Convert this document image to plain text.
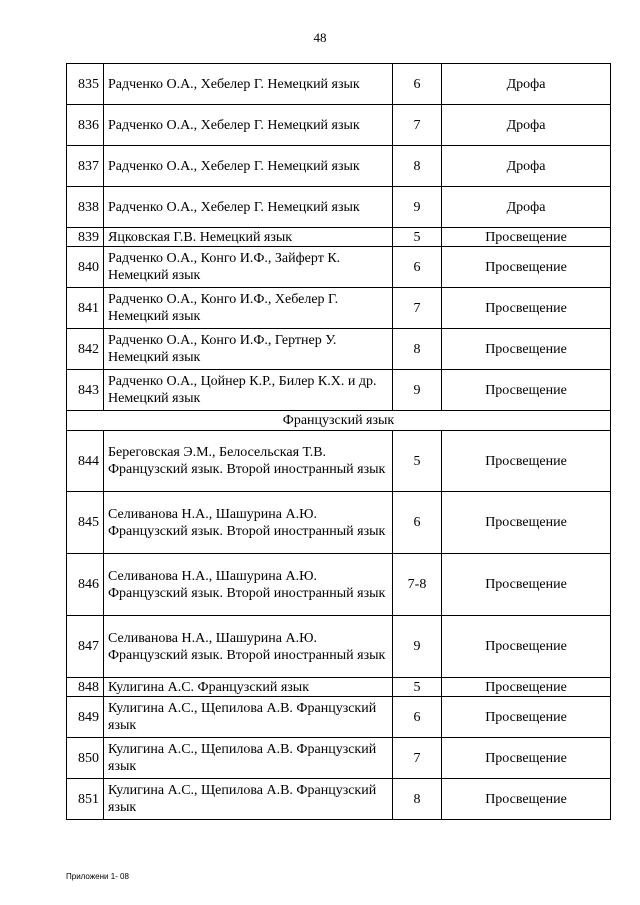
48
835	Радченко О.А., Хебелер Г. Немецкий язык	6	Дрофа
836	Радченко О.А., Хебелер Г. Немецкий язык	7	Дрофа
837	Радченко О.А., Хебелер Г. Немецкий язык	8	Дрофа
838	Радченко О.А., Хебелер Г. Немецкий язык	9	Дрофа
839	Яцковская Г.В. Немецкий язык	5	Просвещение
840	Радченко О.А., Конго И.Ф., Зайферт К. Немецкий язык	6	Просвещение
841	Радченко О.А., Конго И.Ф., Хебелер Г. Немецкий язык	7	Просвещение
842	Радченко О.А., Конго И.Ф., Гертнер У. Немецкий язык	8	Просвещение
843	Радченко О.А., Цойнер К.Р., Билер К.Х. и др. Немецкий язык	9	Просвещение
Французский язык			
844	Береговская Э.М., Белосельская Т.В. Французский язык. Второй иностранный язык	5	Просвещение
845	Селиванова Н.А., Шашурина А.Ю. Французский язык. Второй иностранный язык	6	Просвещение
846	Селиванова Н.А., Шашурина А.Ю. Французский язык. Второй иностранный язык	7-8	Просвещение
847	Селиванова Н.А., Шашурина А.Ю. Французский язык. Второй иностранный язык	9	Просвещение
848	Кулигина А.С. Французский язык	5	Просвещение
849	Кулигина А.С., Щепилова А.В. Французский язык	6	Просвещение
850	Кулигина А.С., Щепилова А.В. Французский язык	7	Просвещение
851	Кулигина А.С., Щепилова А.В. Французский язык	8	Просвещение
Приложени 1- 08
